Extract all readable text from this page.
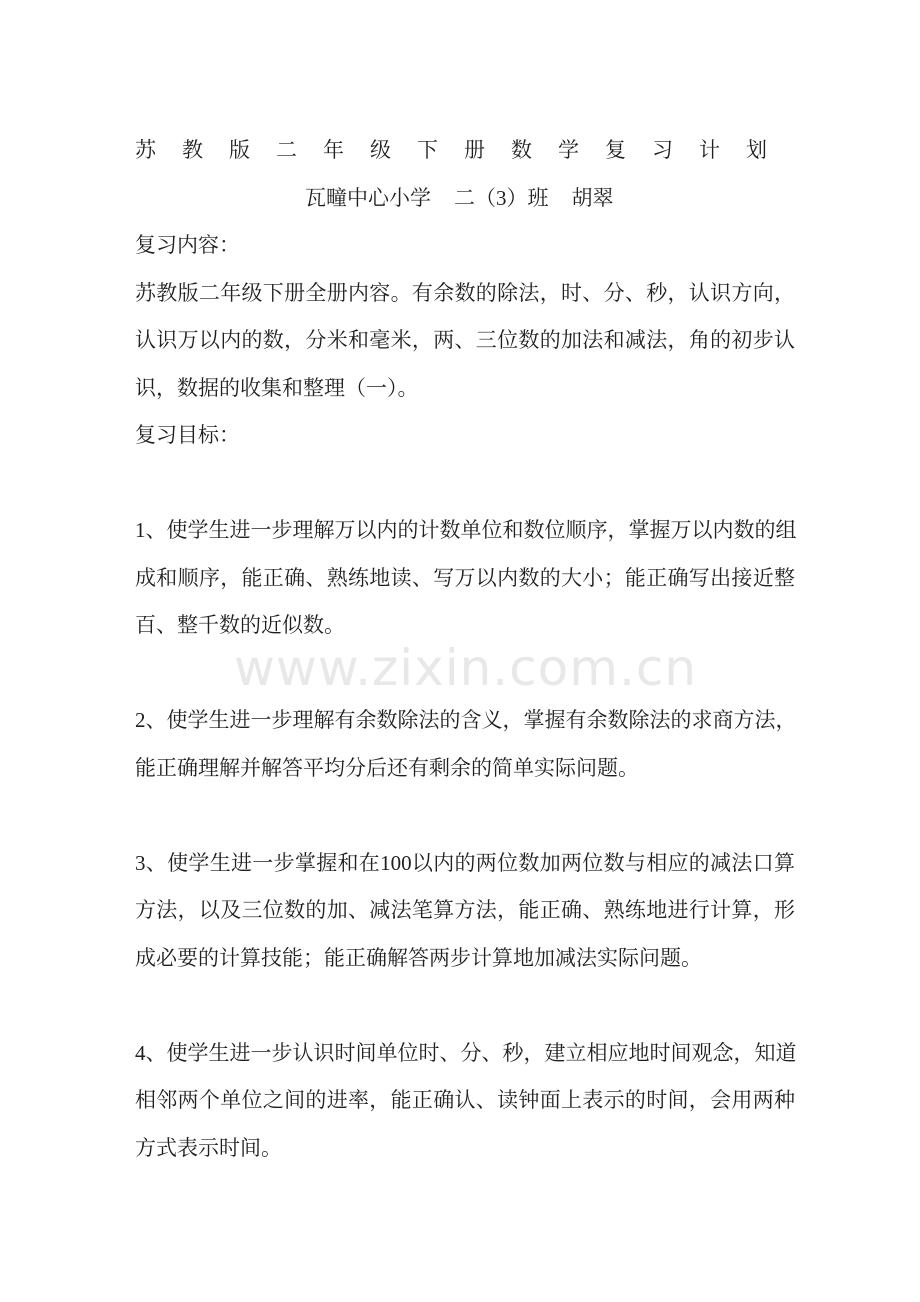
www.zixin.com.cn
苏教版二年级下册数学复习计划
瓦疃中心小学 二（3）班 胡翠
复习内容：
苏教版二年级下册全册内容。有余数的除法，时、分、秒，认识方向，
认识万以内的数，分米和毫米，两、三位数的加法和减法，角的初步认
识，数据的收集和整理（一）。
复习目标：
1、使学生进一步理解万以内的计数单位和数位顺序，掌握万以内数的组
成和顺序，能正确、熟练地读、写万以内数的大小；能正确写出接近整
百、整千数的近似数。
2、使学生进一步理解有余数除法的含义，掌握有余数除法的求商方法，
能正确理解并解答平均分后还有剩余的简单实际问题。
3、使学生进一步掌握和在100以内的两位数加两位数与相应的减法口算
方法，以及三位数的加、减法笔算方法，能正确、熟练地进行计算，形
成必要的计算技能；能正确解答两步计算地加减法实际问题。
4、使学生进一步认识时间单位时、分、秒，建立相应地时间观念，知道
相邻两个单位之间的进率，能正确认、读钟面上表示的时间，会用两种
方式表示时间。
